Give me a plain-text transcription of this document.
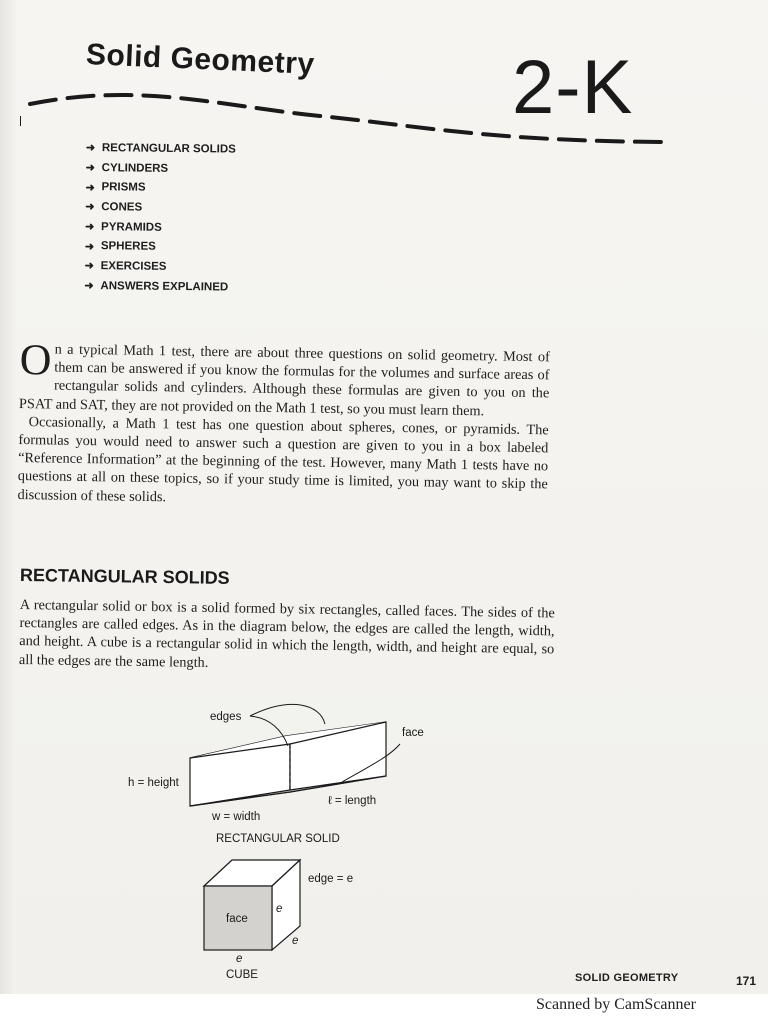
Solid Geometry	2-K
➜ RECTANGULAR SOLIDS
➜ CYLINDERS
➜ PRISMS
➜ CONES
➜ PYRAMIDS
➜ SPHERES
➜ EXERCISES
➜ ANSWERS EXPLAINED

On a typical Math 1 test, there are about three questions on solid geometry. Most of them can be answered if you know the formulas for the volumes and surface areas of rectangular solids and cylinders. Although these formulas are given to you on the PSAT and SAT, they are not provided on the Math 1 test, so you must learn them.

Occasionally, a Math 1 test has one question about spheres, cones, or pyramids. The formulas you would need to answer such a question are given to you in a box labeled “Reference Information” at the beginning of the test. However, many Math 1 tests have no questions at all on these topics, so if your study time is limited, you may want to skip the discussion of these solids.

RECTANGULAR SOLIDS

A rectangular solid or box is a solid formed by six rectangles, called faces. The sides of the rectangles are called edges. As in the diagram below, the edges are called the length, width, and height. A cube is a rectangular solid in which the length, width, and height are equal, so all the edges are the same length.

edges
face
h = height
ℓ = length
w = width
RECTANGULAR SOLID
edge = e
face
e
e
e
CUBE	SOLID GEOMETRY	171
Scanned by CamScanner
